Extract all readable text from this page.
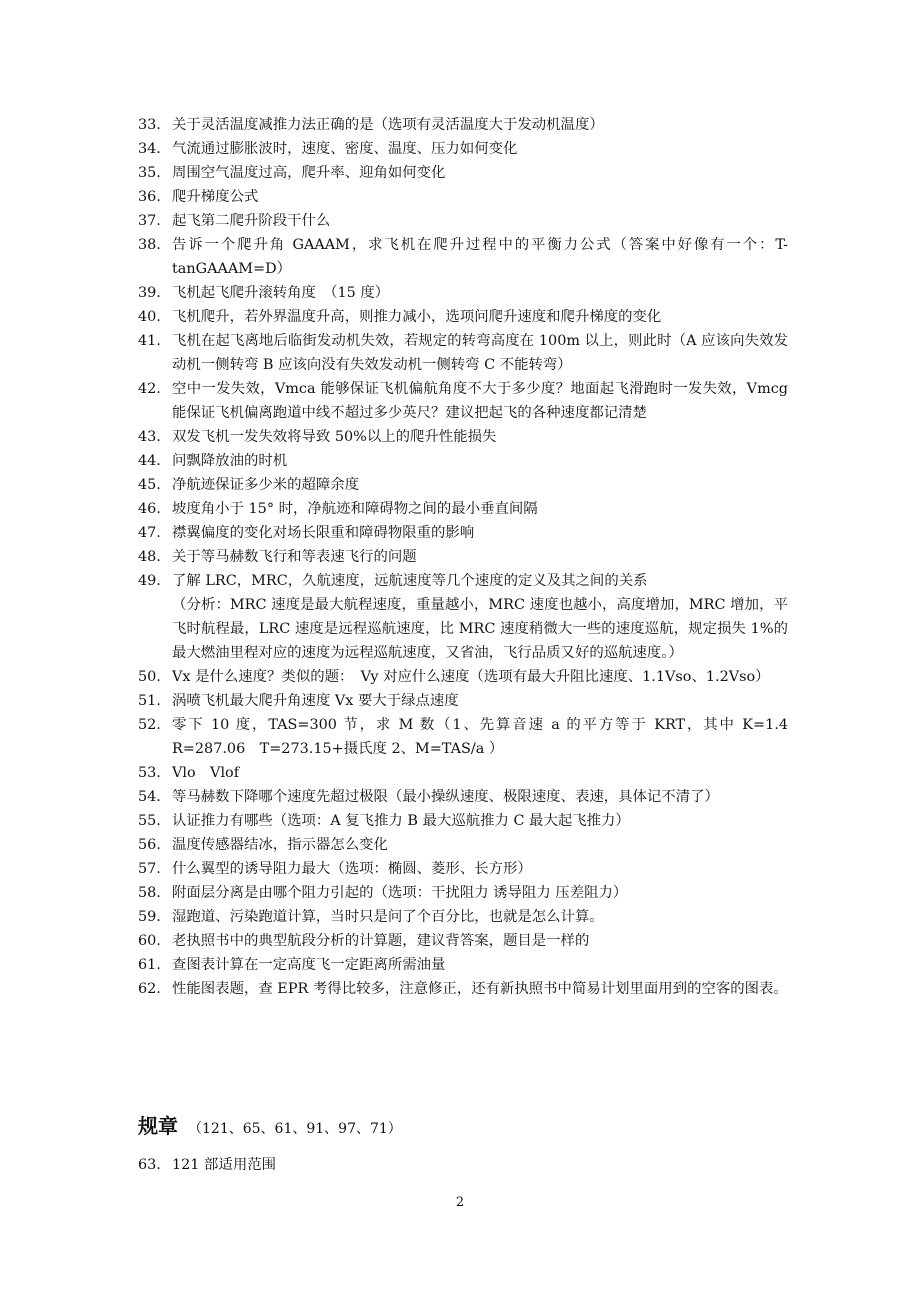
33. 关于灵活温度减推力法正确的是（选项有灵活温度大于发动机温度）
34. 气流通过膨胀波时，速度、密度、温度、压力如何变化
35. 周围空气温度过高，爬升率、迎角如何变化
36. 爬升梯度公式
37. 起飞第二爬升阶段干什么
38. 告诉一个爬升角 GAAAM，求飞机在爬升过程中的平衡力公式（答案中好像有一个：T-tanGAAAM=D）
39. 飞机起飞爬升滚转角度　（15 度）
40. 飞机爬升，若外界温度升高，则推力减小，选项问爬升速度和爬升梯度的变化
41. 飞机在起飞离地后临街发动机失效，若规定的转弯高度在 100m 以上，则此时（A 应该向失效发动机一侧转弯 B 应该向没有失效发动机一侧转弯 C 不能转弯）
42. 空中一发失效，Vmca 能够保证飞机偏航角度不大于多少度？地面起飞滑跑时一发失效，Vmcg 能保证飞机偏离跑道中线不超过多少英尺？建议把起飞的各种速度都记清楚
43. 双发飞机一发失效将导致 50%以上的爬升性能损失
44. 问飘降放油的时机
45. 净航迹保证多少米的超障余度
46. 坡度角小于 15° 时，净航迹和障碍物之间的最小垂直间隔
47. 襟翼偏度的变化对场长限重和障碍物限重的影响
48. 关于等马赫数飞行和等表速飞行的问题
49. 了解 LRC，MRC，久航速度，远航速度等几个速度的定义及其之间的关系
（分析：MRC 速度是最大航程速度，重量越小，MRC 速度也越小，高度增加，MRC 增加，平飞时航程最，LRC 速度是远程巡航速度，比 MRC 速度稍微大一些的速度巡航，规定损失 1%的最大燃油里程对应的速度为远程巡航速度，又省油，飞行品质又好的巡航速度。）
50. Vx 是什么速度？类似的题：　Vy 对应什么速度（选项有最大升阻比速度、1.1Vso、1.2Vso）
51. 涡喷飞机最大爬升角速度 Vx 要大于绿点速度
52. 零下 10 度，TAS=300 节，求 M 数（1、先算音速 a 的平方等于 KRT，其中 K=1.4 R=287.06　T=273.15+摄氏度 2、M=TAS/a ）
53. Vlo　Vlof
54. 等马赫数下降哪个速度先超过极限（最小操纵速度、极限速度、表速，具体记不清了）
55. 认证推力有哪些（选项：A 复飞推力 B 最大巡航推力 C 最大起飞推力）
56. 温度传感器结冰，指示器怎么变化
57. 什么翼型的诱导阻力最大（选项：椭圆、菱形、长方形）
58. 附面层分离是由哪个阻力引起的（选项：干扰阻力 诱导阻力 压差阻力）
59. 湿跑道、污染跑道计算，当时只是问了个百分比，也就是怎么计算。
60. 老执照书中的典型航段分析的计算题，建议背答案，题目是一样的
61. 查图表计算在一定高度飞一定距离所需油量
62. 性能图表题，查 EPR 考得比较多，注意修正，还有新执照书中简易计划里面用到的空客的图表。
规章 （121、65、61、91、97、71）
63. 121 部适用范围
2
